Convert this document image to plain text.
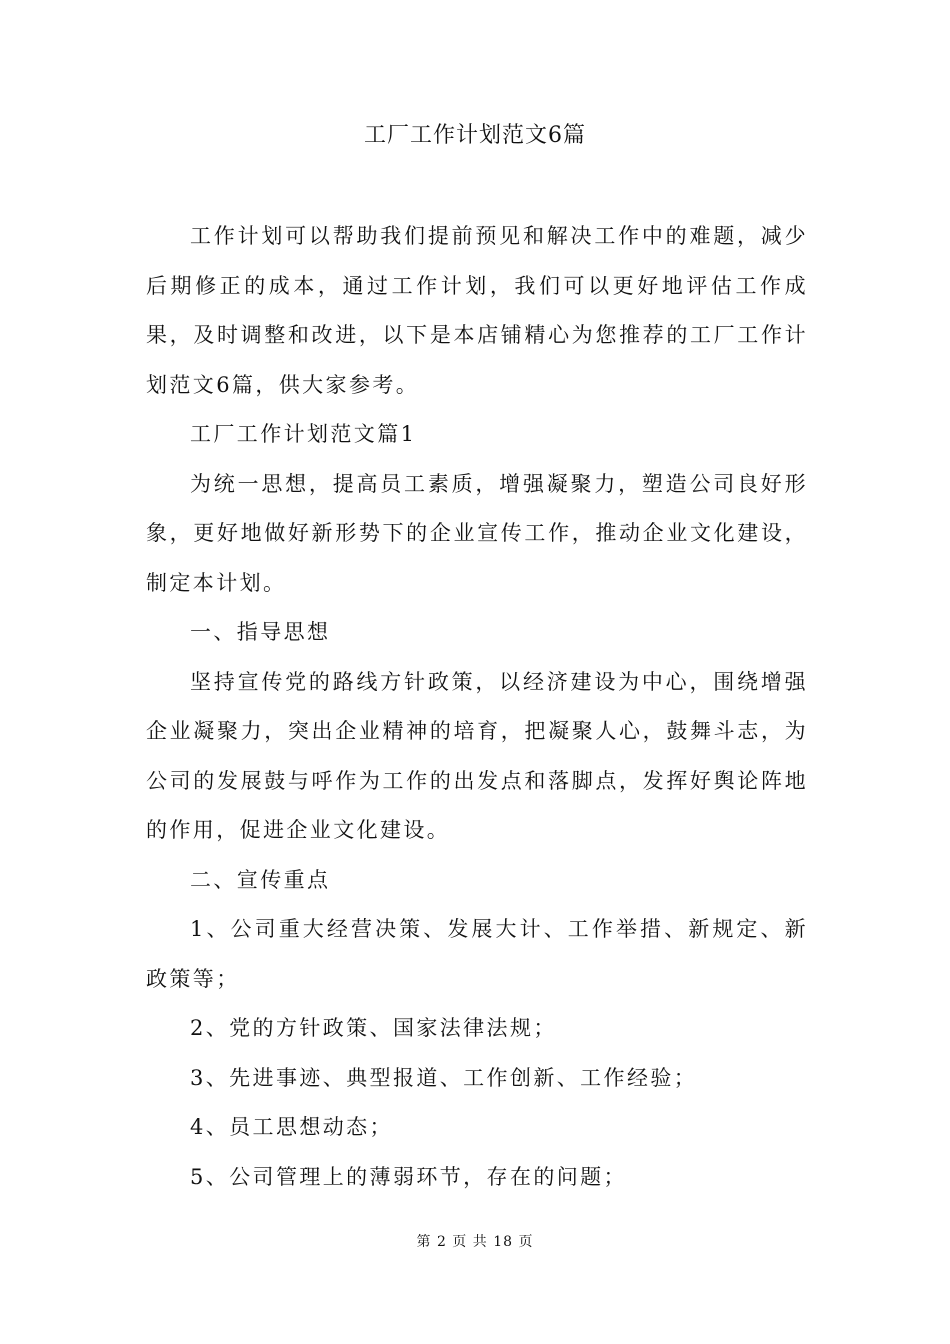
工厂工作计划范文6篇

工作计划可以帮助我们提前预见和解决工作中的难题，减少后期修正的成本，通过工作计划，我们可以更好地评估工作成果，及时调整和改进，以下是本店铺精心为您推荐的工厂工作计划范文6篇，供大家参考。

工厂工作计划范文篇1

为统一思想，提高员工素质，增强凝聚力，塑造公司良好形象，更好地做好新形势下的企业宣传工作，推动企业文化建设，制定本计划。

一、指导思想

坚持宣传党的路线方针政策，以经济建设为中心，围绕增强企业凝聚力，突出企业精神的培育，把凝聚人心，鼓舞斗志，为公司的发展鼓与呼作为工作的出发点和落脚点，发挥好舆论阵地的作用，促进企业文化建设。

二、宣传重点

1、公司重大经营决策、发展大计、工作举措、新规定、新政策等；

2、党的方针政策、国家法律法规；

3、先进事迹、典型报道、工作创新、工作经验；

4、员工思想动态；

5、公司管理上的薄弱环节，存在的问题；

第 2 页 共 18 页
